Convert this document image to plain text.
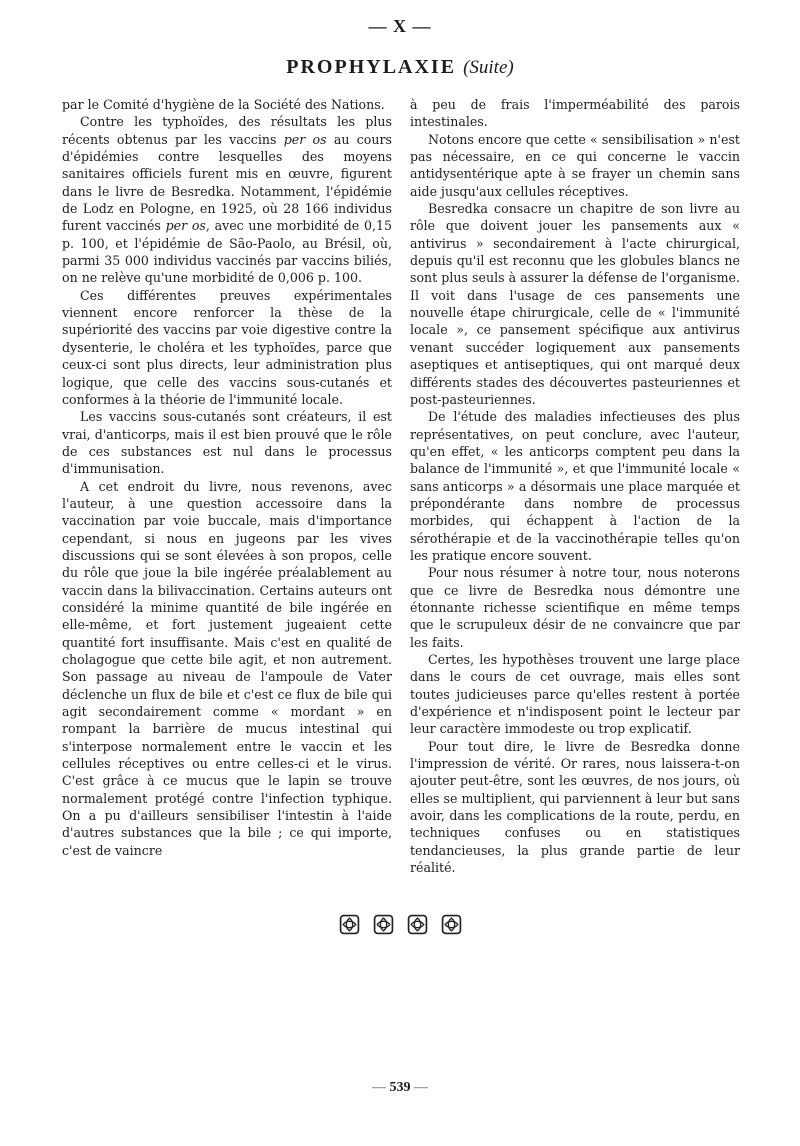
— X —
PROPHYLAXIE (Suite)

par le Comité d'hygiène de la Société des Nations.

Contre les typhoïdes, des résultats les plus récents obtenus par les vaccins per os au cours d'épidémies contre lesquelles des moyens sanitaires officiels furent mis en œuvre, figurent dans le livre de Besredka. Notamment, l'épidémie de Lodz en Pologne, en 1925, où 28 166 individus furent vaccinés per os, avec une morbidité de 0,15 p. 100, et l'épidémie de São-Paolo, au Brésil, où, parmi 35 000 individus vaccinés par vaccins biliés, on ne relève qu'une morbidité de 0,006 p. 100.

Ces différentes preuves expérimentales viennent encore renforcer la thèse de la supériorité des vaccins par voie digestive contre la dysenterie, le choléra et les typhoïdes, parce que ceux-ci sont plus directs, leur administration plus logique, que celle des vaccins sous-cutanés et conformes à la théorie de l'immunité locale.

Les vaccins sous-cutanés sont créateurs, il est vrai, d'anticorps, mais il est bien prouvé que le rôle de ces substances est nul dans le processus d'immunisation.

A cet endroit du livre, nous revenons, avec l'auteur, à une question accessoire dans la vaccination par voie buccale, mais d'importance cependant, si nous en jugeons par les vives discussions qui se sont élevées à son propos, celle du rôle que joue la bile ingérée préalablement au vaccin dans la bilivaccination. Certains auteurs ont considéré la minime quantité de bile ingérée en elle-même, et fort justement jugeaient cette quantité fort insuffisante. Mais c'est en qualité de cholagogue que cette bile agit, et non autrement. Son passage au niveau de l'ampoule de Vater déclenche un flux de bile et c'est ce flux de bile qui agit secondairement comme « mordant » en rompant la barrière de mucus intestinal qui s'interpose normalement entre le vaccin et les cellules réceptives ou entre celles-ci et le virus. C'est grâce à ce mucus que le lapin se trouve normalement protégé contre l'infection typhique. On a pu d'ailleurs sensibiliser l'intestin à l'aide d'autres substances que la bile ; ce qui importe, c'est de vaincre

à peu de frais l'imperméabilité des parois intestinales.

Notons encore que cette « sensibilisation » n'est pas nécessaire, en ce qui concerne le vaccin antidysentérique apte à se frayer un chemin sans aide jusqu'aux cellules réceptives.

Besredka consacre un chapitre de son livre au rôle que doivent jouer les pansements aux « antivirus » secondairement à l'acte chirurgical, depuis qu'il est reconnu que les globules blancs ne sont plus seuls à assurer la défense de l'organisme. Il voit dans l'usage de ces pansements une nouvelle étape chirurgicale, celle de « l'immunité locale », ce pansement spécifique aux antivirus venant succéder logiquement aux pansements aseptiques et antiseptiques, qui ont marqué deux différents stades des découvertes pasteuriennes et post-pasteuriennes.

De l'étude des maladies infectieuses des plus représentatives, on peut conclure, avec l'auteur, qu'en effet, « les anticorps comptent peu dans la balance de l'immunité », et que l'immunité locale « sans anticorps » a désormais une place marquée et prépondérante dans nombre de processus morbides, qui échappent à l'action de la sérothérapie et de la vaccinothérapie telles qu'on les pratique encore souvent.

Pour nous résumer à notre tour, nous noterons que ce livre de Besredka nous démontre une étonnante richesse scientifique en même temps que le scrupuleux désir de ne convaincre que par les faits.

Certes, les hypothèses trouvent une large place dans le cours de cet ouvrage, mais elles sont toutes judicieuses parce qu'elles restent à portée d'expérience et n'indisposent point le lecteur par leur caractère immodeste ou trop explicatif.

Pour tout dire, le livre de Besredka donne l'impression de vérité. Or rares, nous laissera-t-on ajouter peut-être, sont les œuvres, de nos jours, où elles se multiplient, qui parviennent à leur but sans avoir, dans les complications de la route, perdu, en techniques confuses ou en statistiques tendancieuses, la plus grande partie de leur réalité.

— 539 —
